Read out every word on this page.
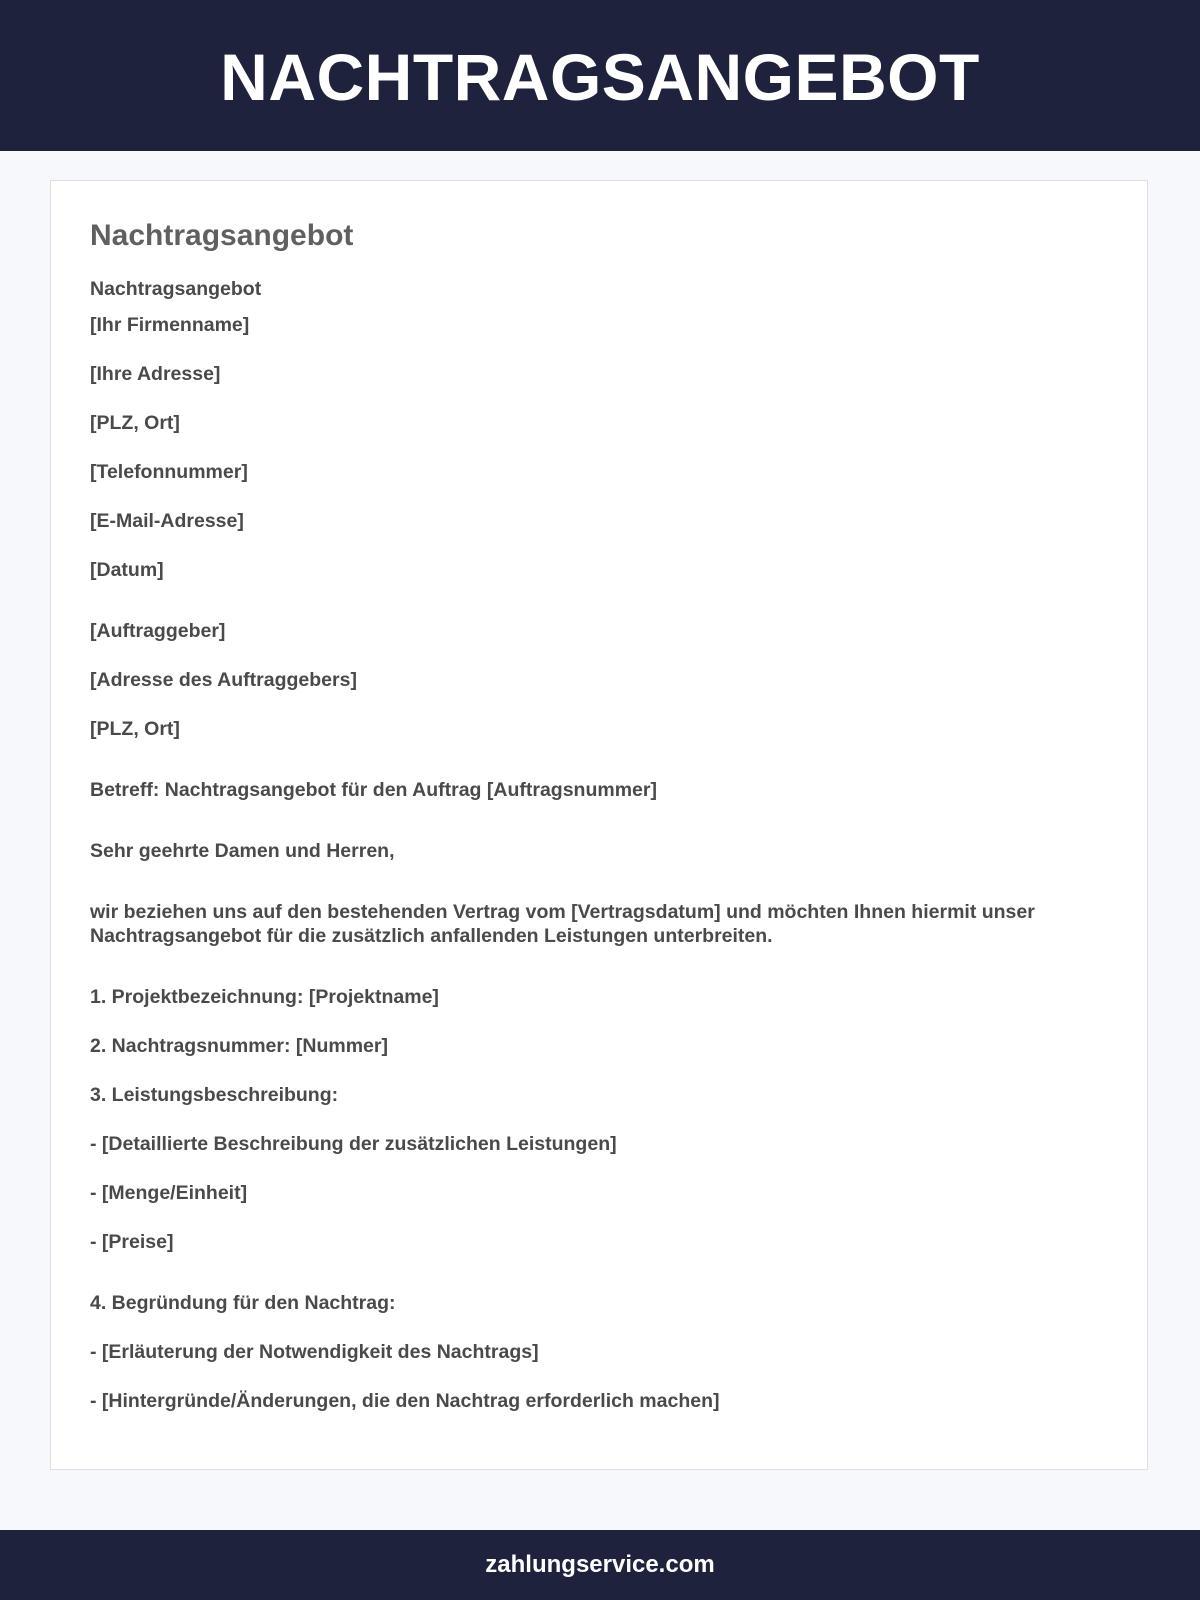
NACHTRAGSANGEBOT
Nachtragsangebot

Nachtragsangebot

[Ihr Firmenname]

[Ihre Adresse]

[PLZ, Ort]

[Telefonnummer]

[E-Mail-Adresse]

[Datum]

[Auftraggeber]

[Adresse des Auftraggebers]

[PLZ, Ort]

Betreff: Nachtragsangebot für den Auftrag [Auftragsnummer]

Sehr geehrte Damen und Herren,

wir beziehen uns auf den bestehenden Vertrag vom [Vertragsdatum] und möchten Ihnen hiermit unser Nachtragsangebot für die zusätzlich anfallenden Leistungen unterbreiten.

1. Projektbezeichnung: [Projektname]

2. Nachtragsnummer: [Nummer]

3. Leistungsbeschreibung:

- [Detaillierte Beschreibung der zusätzlichen Leistungen]

- [Menge/Einheit]

- [Preise]

4. Begründung für den Nachtrag:

- [Erläuterung der Notwendigkeit des Nachtrags]

- [Hintergründe/Änderungen, die den Nachtrag erforderlich machen]

zahlungservice.com
